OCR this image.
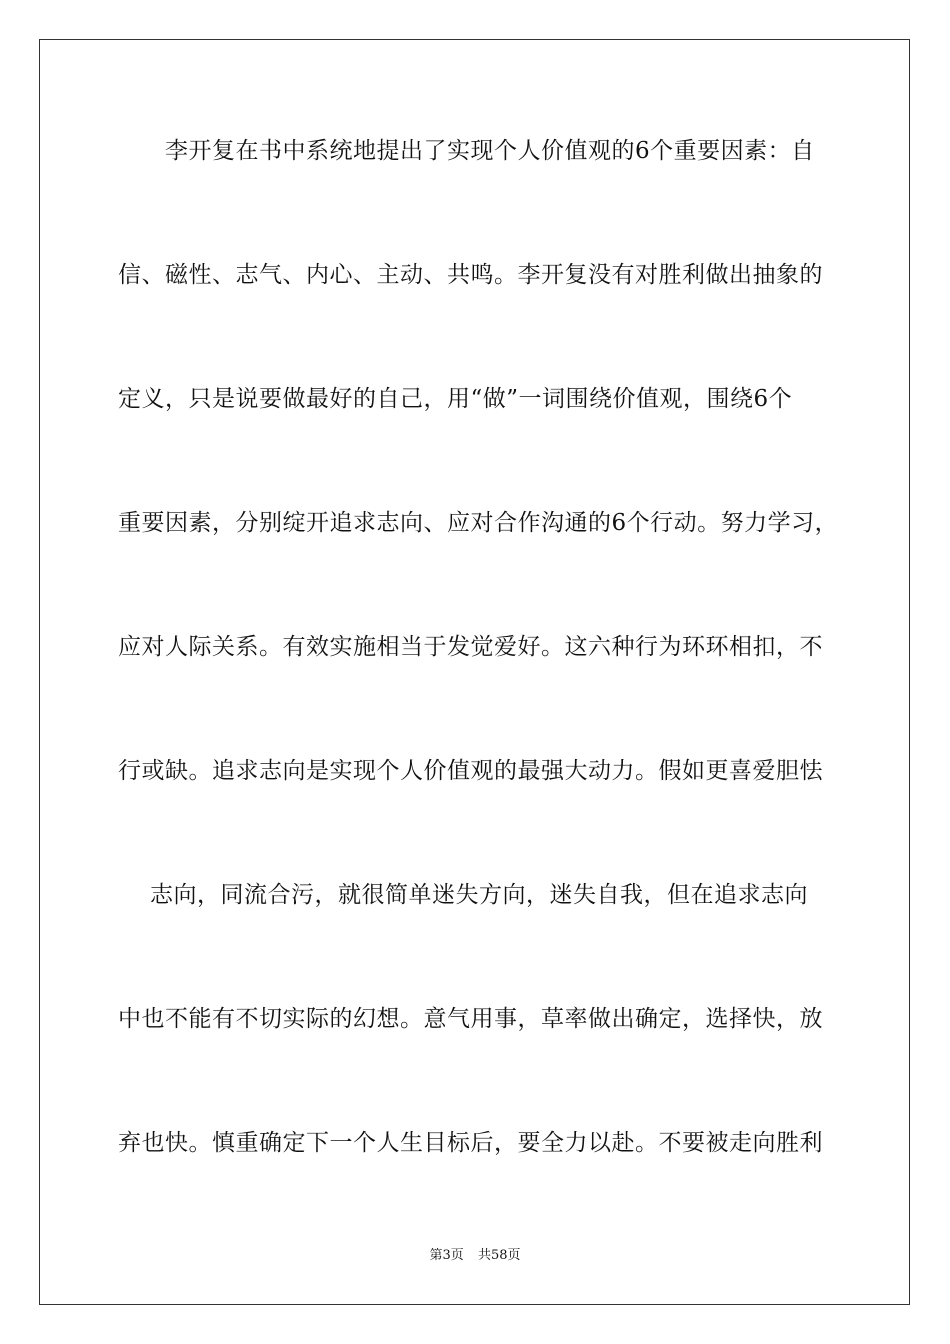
李开复在书中系统地提出了实现个人价值观的6个重要因素：自
信、磁性、志气、内心、主动、共鸣。李开复没有对胜利做出抽象的
定义，只是说要做最好的自己，用“做”一词围绕价值观，围绕6个
重要因素，分别绽开追求志向、应对合作沟通的6个行动。努力学习，
应对人际关系。有效实施相当于发觉爱好。这六种行为环环相扣，不
行或缺。追求志向是实现个人价值观的最强大动力。假如更喜爱胆怯
志向，同流合污，就很简单迷失方向，迷失自我，但在追求志向
中也不能有不切实际的幻想。意气用事，草率做出确定，选择快，放
弃也快。慎重确定下一个人生目标后，要全力以赴。不要被走向胜利
第3页 共58页
